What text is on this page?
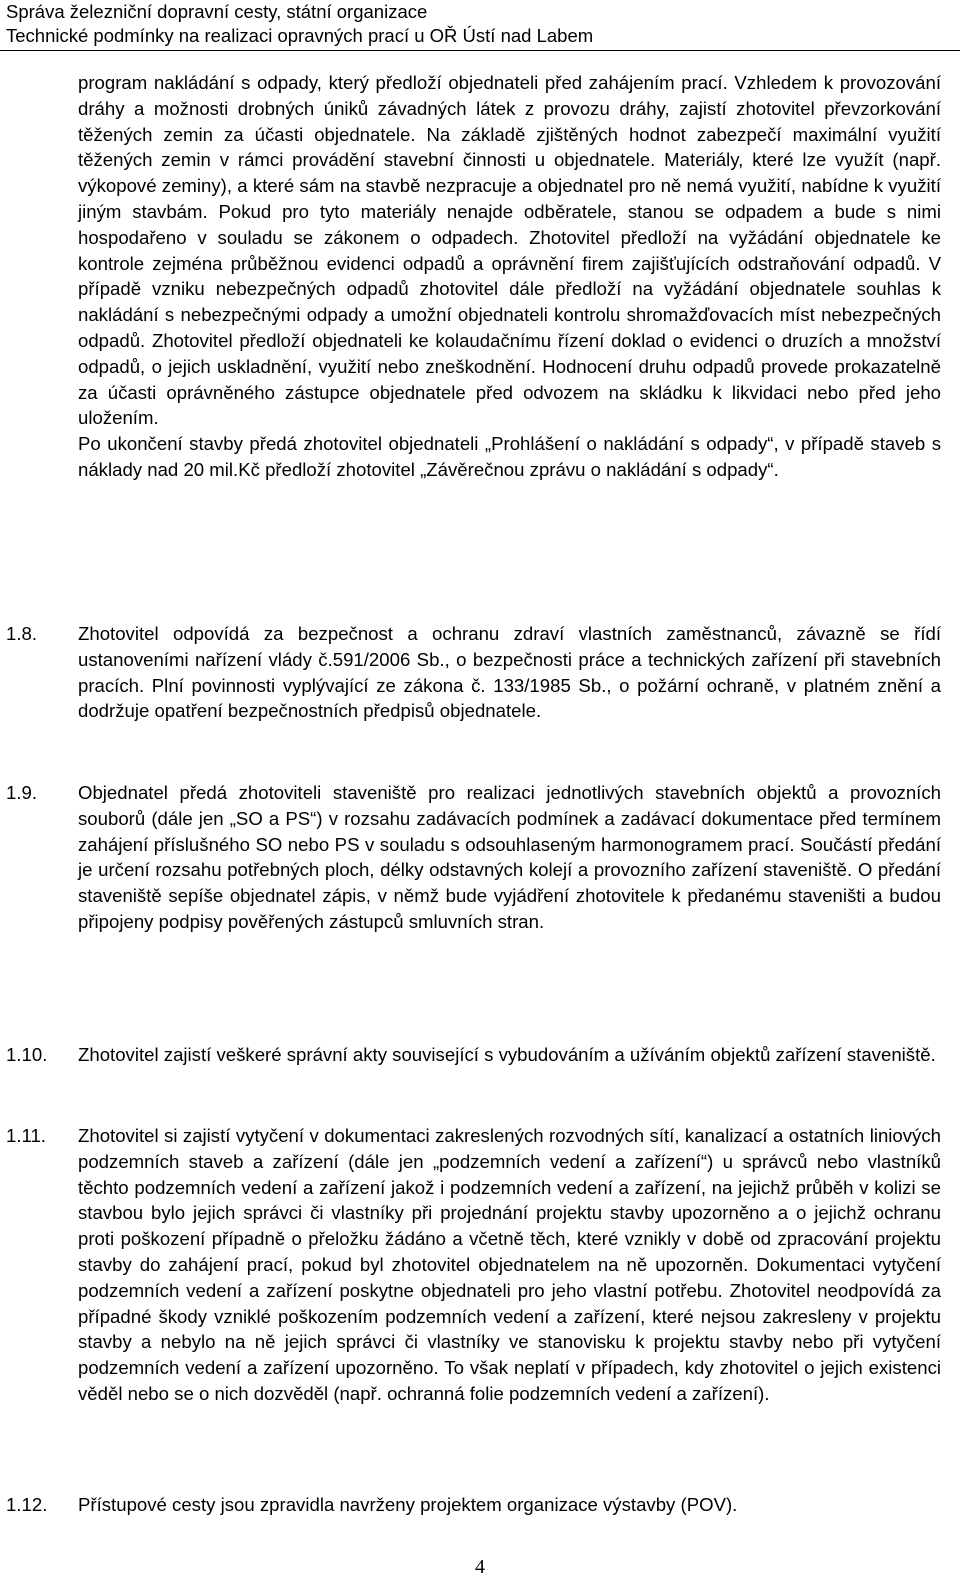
Správa železniční dopravní cesty, státní organizace
Technické podmínky na realizaci opravných prací u OŘ Ústí nad Labem

program nakládání s odpady, který předloží objednateli před zahájením prací. Vzhledem k provozování dráhy a možnosti drobných úniků závadných látek z provozu dráhy, zajistí zhotovitel převzorkování těžených zemin za účasti objednatele. Na základě zjištěných hodnot zabezpečí maximální využití těžených zemin v rámci provádění stavební činnosti u objednatele. Materiály, které lze využít (např. výkopové zeminy), a které sám na stavbě nezpracuje a objednatel pro ně nemá využití, nabídne k využití jiným stavbám. Pokud pro tyto materiály nenajde odběratele, stanou se odpadem a bude s nimi hospodařeno v souladu se zákonem o odpadech. Zhotovitel předloží na vyžádání objednatele ke kontrole zejména průběžnou evidenci odpadů a oprávnění firem zajišťujících odstraňování odpadů. V případě vzniku nebezpečných odpadů zhotovitel dále předloží na vyžádání objednatele souhlas k nakládání s nebezpečnými odpady a umožní objednateli kontrolu shromažďovacích míst nebezpečných odpadů. Zhotovitel předloží objednateli ke kolaudačnímu řízení doklad o evidenci o druzích a množství odpadů, o jejich uskladnění, využití nebo zneškodnění. Hodnocení druhu odpadů provede prokazatelně za účasti oprávněného zástupce objednatele před odvozem na skládku k likvidaci nebo před jeho uložením.

Po ukončení stavby předá zhotovitel objednateli „Prohlášení o nakládání s odpady“, v případě staveb s náklady nad 20 mil.Kč předloží zhotovitel „Závěrečnou zprávu o nakládání s odpady“.

1.8. Zhotovitel odpovídá za bezpečnost a ochranu zdraví vlastních zaměstnanců, závazně se řídí ustanoveními nařízení vlády č.591/2006 Sb., o bezpečnosti práce a technických zařízení při stavebních pracích. Plní povinnosti vyplývající ze zákona č. 133/1985 Sb., o požární ochraně, v platném znění a dodržuje opatření bezpečnostních předpisů objednatele.
1.9. Objednatel předá zhotoviteli staveniště pro realizaci jednotlivých stavebních objektů a provozních souborů (dále jen „SO a PS“) v rozsahu zadávacích podmínek a zadávací dokumentace před termínem zahájení příslušného SO nebo PS v souladu s odsouhlaseným harmonogramem prací. Součástí předání je určení rozsahu potřebných ploch, délky odstavných kolejí a provozního zařízení staveniště. O předání staveniště sepíše objednatel zápis, v němž bude vyjádření zhotovitele k předanému staveništi a budou připojeny podpisy pověřených zástupců smluvních stran.
1.10. Zhotovitel zajistí veškeré správní akty související s vybudováním a užíváním objektů zařízení staveniště.
1.11. Zhotovitel si zajistí vytyčení v dokumentaci zakreslených rozvodných sítí, kanalizací a ostatních liniových podzemních staveb a zařízení (dále jen „podzemních vedení a zařízení“) u správců nebo vlastníků těchto podzemních vedení a zařízení jakož i podzemních vedení a zařízení, na jejichž průběh v kolizi se stavbou bylo jejich správci či vlastníky při projednání projektu stavby upozorněno a o jejichž ochranu proti poškození případně o přeložku žádáno a včetně těch, které vznikly v době od zpracování projektu stavby do zahájení prací, pokud byl zhotovitel objednatelem na ně upozorněn. Dokumentaci vytyčení podzemních vedení a zařízení poskytne objednateli pro jeho vlastní potřebu. Zhotovitel neodpovídá za případné škody vzniklé poškozením podzemních vedení a zařízení, které nejsou zakresleny v projektu stavby a nebylo na ně jejich správci či vlastníky ve stanovisku k projektu stavby nebo při vytyčení podzemních vedení a zařízení upozorněno. To však neplatí v případech, kdy zhotovitel o jejich existenci věděl nebo se o nich dozvěděl (např. ochranná folie podzemních vedení a zařízení).
1.12. Přístupové cesty jsou zpravidla navrženy projektem organizace výstavby (POV).
4
